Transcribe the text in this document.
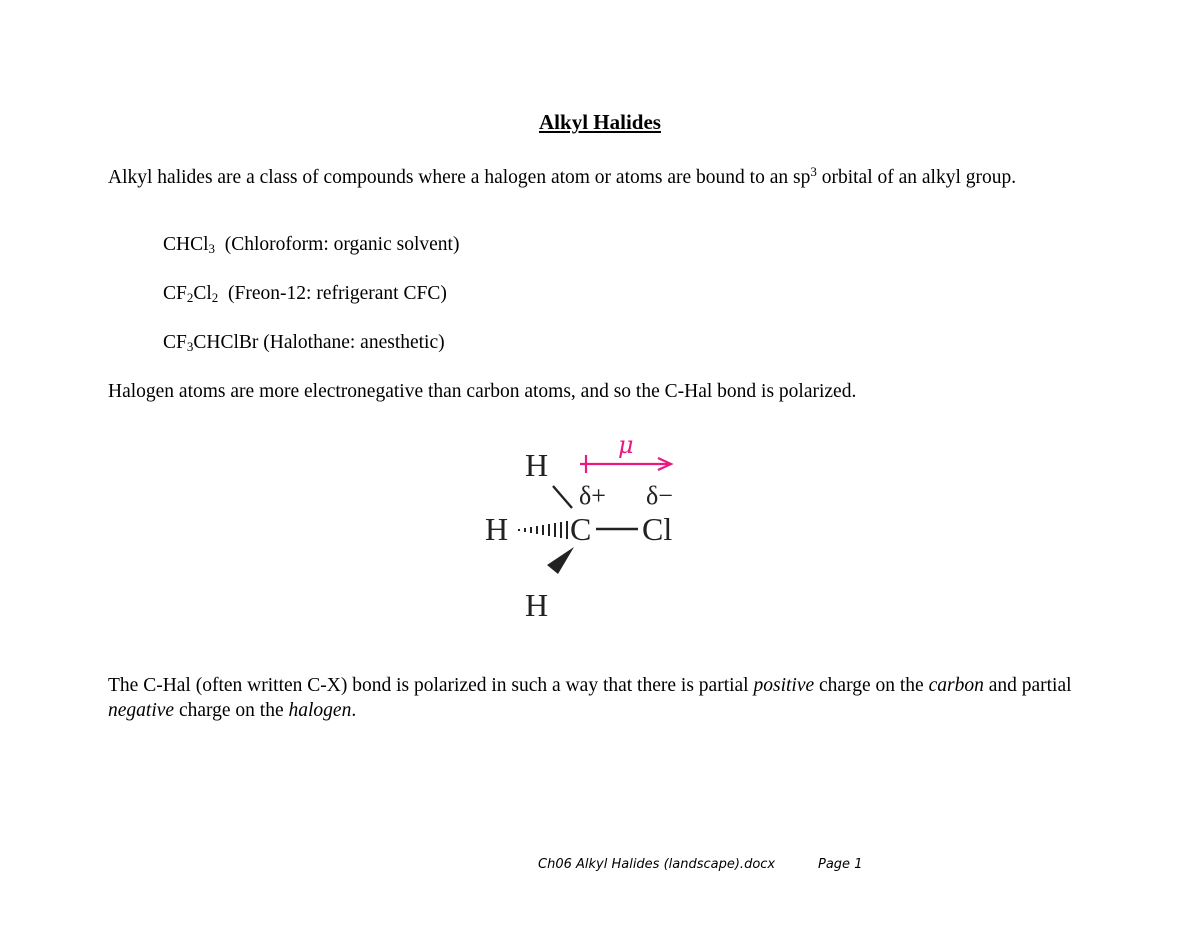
Alkyl Halides
Alkyl halides are a class of compounds where a halogen atom or atoms are bound to an $sp^3$ orbital of an alkyl group.
CHCl$_3$  (Chloroform: organic solvent)
$CF_2Cl_2$  (Freon-12: refrigerant CFC)
$CF_3CHClBr$ (Halothane: anesthetic)
Halogen atoms are more electronegative than carbon atoms, and so the C-Hal bond is polarized.
μ
H
δ+ δ−
H C Cl
H
The C-Hal (often written C-X) bond is polarized in such a way that there is partial positive charge on the carbon and partial negative charge on the halogen.
Ch06 Alkyl Halides (landscape).docx	Page 1
